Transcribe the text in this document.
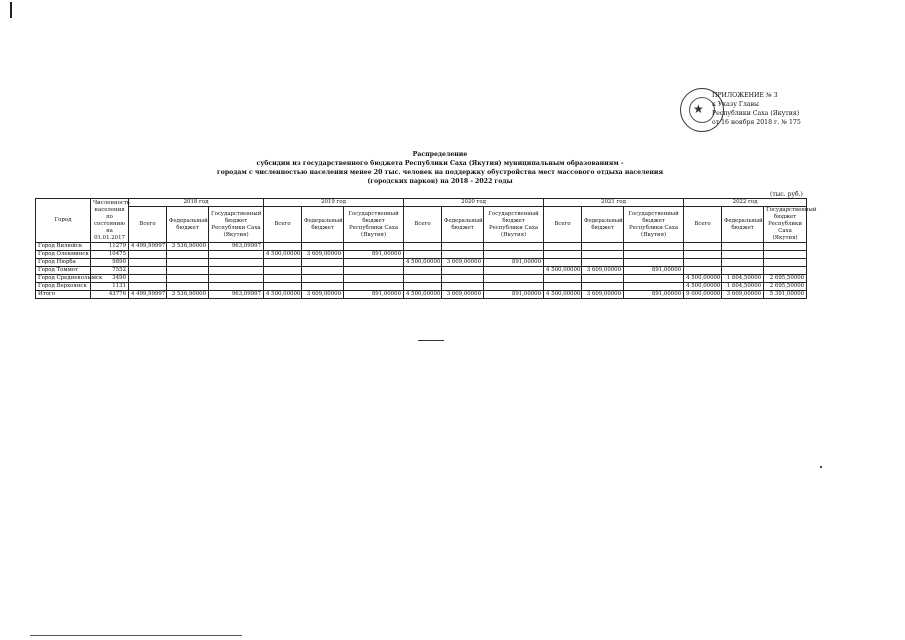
★
ПРИЛОЖЕНИЕ № 3
к Указу Главы
Республики Саха (Якутия)
от 16 ноября 2018 г. № 175
Распределение
субсидии из государственного бюджета Республики Саха (Якутия) муниципальным образованиям -
городам с численностью населения менее 20 тыс. человек на поддержку обустройства мест массового отдыха населения
(городских парков) на 2018 - 2022 годы
(тыс. руб.)
Город	Численность населения по состоянию на 01.01.2017	2018 год			2019 год			2020 год			2021 год			2022 год		
		Всего	Федеральный бюджет	Государственный бюджет Республики Саха (Якутия)	Всего	Федеральный бюджет	Государственный бюджет Республики Саха (Якутия)	Всего	Федеральный бюджет	Государственный бюджет Республики Саха (Якутия)	Всего	Федеральный бюджет	Государственный бюджет Республики Саха (Якутия)	Всего	Федеральный бюджет	Государственный бюджет Республики Саха (Якутия)
Город Вилюйск	11279	4 499,99997	3 536,90000	963,09997												
Город Олекминск	10475				4 500,00000	3 609,00000	891,00000									
Город Нюрба	9890							4 500,00000	3 609,00000	891,00000						
Город Томмот	7552										4 500,00000	3 609,00000	891,00000			
Город Среднеколымск	3490													4 500,00000	1 804,50000	2 695,50000
Город Верхоянск	1131													4 500,00000	1 804,50000	2 695,50000
Итого	43776	4 499,99997	3 536,90000	963,09997	4 500,00000	3 609,00000	891,00000	4 500,00000	3 609,00000	891,00000	4 500,00000	3 609,00000	891,00000	9 000,00000	3 609,00000	5 391,00000
